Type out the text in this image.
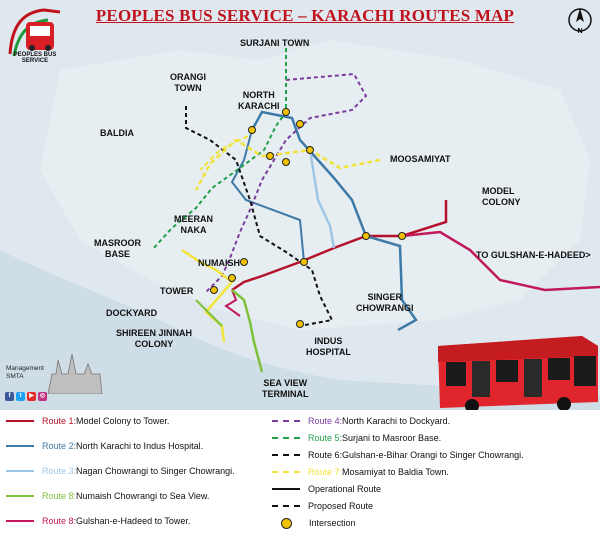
PEOPLES BUS SERVICE
N
PEOPLES BUS SERVICE – KARACHI ROUTES MAP
SURJANI TOWN
ORANGI
TOWN
NORTH
KARACHI
BALDIA
MOOSAMIYAT
MODEL
COLONY
MEERAN
NAKA
MASROOR
BASE
NUMAISH
TO GULSHAN-E-HADEED>
TOWER
SINGER
CHOWRANGI
DOCKYARD
SHIREEN JINNAH
COLONY	INDUS
HOSPITAL
SEA VIEW
TERMINAL
Management
SMTA
f	t	▶	◎
Route 1: Model Colony to Tower.
Route 2: North Karachi to Indus Hospital.
Route 3: Nagan Chowrangi to Singer Chowrangi.
Route 8: Numaish Chowrangi to Sea View.
Route 8: Gulshan-e-Hadeed to Tower.
Route 4: North Karachi to Dockyard.
Route 5: Surjani to Masroor Base.
Route 6: Gulshan-e-Bihar Orangi to Singer Chowrangi.
Route 7: Mosamiyat to Baldia Town.
Operational Route
Proposed Route
Intersection
